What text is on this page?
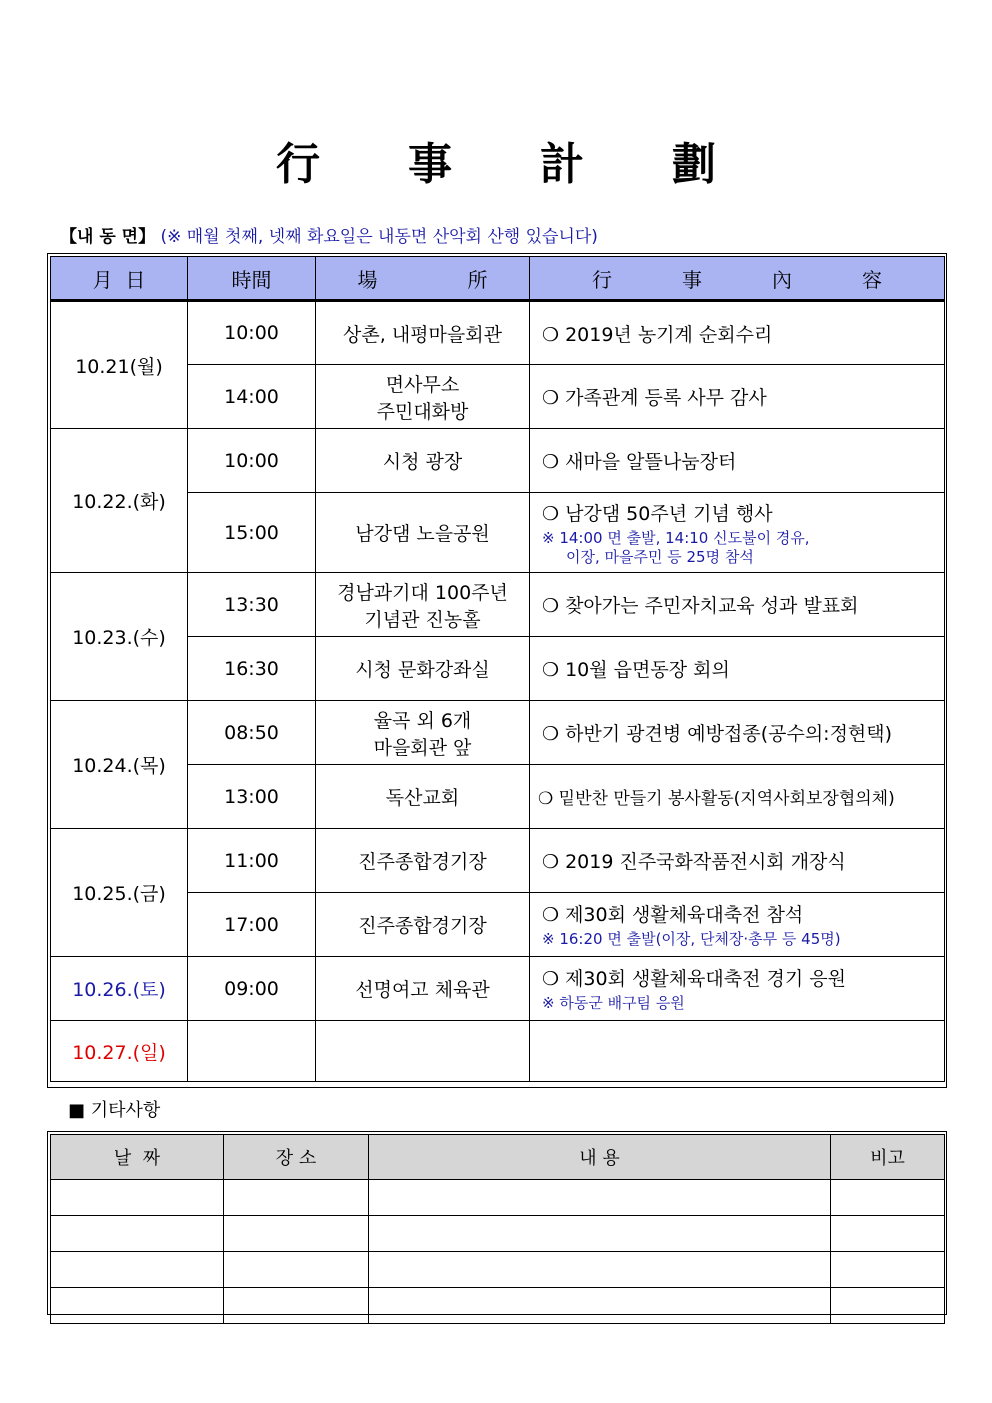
行 事 計 劃
【내 동 면】 (※ 매월 첫째, 넷째 화요일은 내동면 산악회 산행 있습니다)
月 日	時間	場 所	行 事 內 容
10.21(월)	10:00	상촌, 내평마을회관	❍ 2019년 농기계 순회수리
	14:00	면사무소
주민대화방	❍ 가족관계 등록 사무 감사
10.22.(화)	10:00	시청 광장	❍ 새마을 알뜰나눔장터
	15:00	남강댐 노을공원	❍ 남강댐 50주년 기념 행사
※ 14:00 면 출발, 14:10 신도불이 경유,
이장, 마을주민 등 25명 참석

10.23.(수)	13:30	경남과기대 100주년
기념관 진농홀	❍ 찾아가는 주민자치교육 성과 발표회
	16:30	시청 문화강좌실	❍ 10월 읍면동장 회의
10.24.(목)	08:50	율곡 외 6개
마을회관 앞	❍ 하반기 광견병 예방접종(공수의:정현택)
	13:00	독산교회	❍ 밑반찬 만들기 봉사활동(지역사회보장협의체)
10.25.(금)	11:00	진주종합경기장	❍ 2019 진주국화작품전시회 개장식
	17:00	진주종합경기장	❍ 제30회 생활체육대축전 참석
※ 16:20 면 출발(이장, 단체장·총무 등 45명)

10.26.(토)	09:00	선명여고 체육관	❍ 제30회 생활체육대축전 경기 응원
※ 하동군 배구팀 응원

10.27.(일)			
■ 기타사항
날  짜	장 소	내 용	비고
